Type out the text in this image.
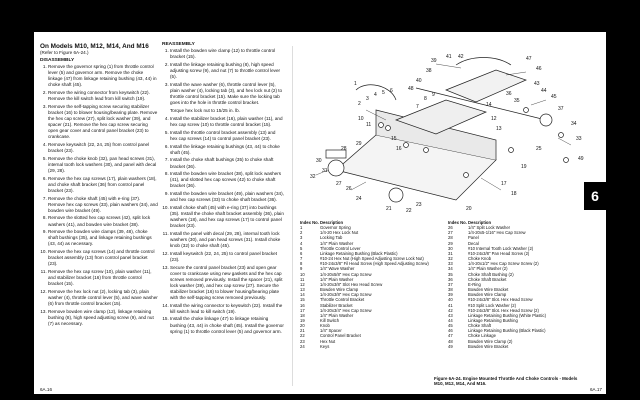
On Models M10, M12, M14, And M16
(Refer to Figure 6A-24.)
DISASSEMBLY
1. Remove the governor spring (1) from throttle control lever (5) and governor arm. Remove the choke linkage (47) from linkage retaining bushing (43, 44) in choke shaft (45).
2. Remove the wiring connector from keyswitch (22). Remove the kill switch lead from kill switch (19).
3. Remove the self-tapping screw securing stabilizer bracket (16) to blower housing/bearing plate. Remove the hex cap screw (27), split lock washer (39), and spacer (21). Remove the hex cap screw securing open gear cover and control panel bracket (23) to crankcase.
4. Remove keyswitch (22, 24, 25) from control panel bracket (23).
5. Remove the choke knob (32), pan head screws (31), internal tooth lock washers (30), and panel with decal (29, 28).
6. Remove the hex cap screws (17), plain washers (18), and choke shaft bracket (36) from control panel bracket (23).
7. Remove the choke shaft (45) with e-ring (37). Remove hex cap screws (33), plain washers (34), and bowden wire bracket (49).
8. Remove the slotted hex cap screws (42), split lock washers (41), and bowden wire bracket (38).
9. Remove the bowden wire clamps (39, 48), choke shaft bushings (35), and linkage retaining bushings (43, 44) as necessary.
10. Remove the hex cap screws (14) and throttle control bracket assembly (13) from control panel bracket (23).
11. Remove the hex cap screw (10), plain washer (11), and stabilizer bracket (16) from throttle control bracket (15).
12. Remove the hex lock nut (2), locking tab (3), plain washer (4), throttle control lever (5), and wave washer (6) from throttle control bracket (15).
13. Remove bowden wire clamp (12), linkage retaining bushing (8), high speed adjusting screw (9), and nut (7) as necessary.
REASSEMBLY
1. Install the bowden wire clamp (12) to throttle control bracket (15).
2. Install the linkage retaining bushing (8), high speed adjusting screw (9), and nut (7) to throttle control lever (5).
3. Install the wave washer (6), throttle control lever (5), plain washer (4), locking tab (3), and hex lock nut (2) to throttle control bracket (15). Make sure the locking tab goes into the hole in throttle control bracket.
Torque hex lock nut to 15/25 in. lb.
4. Install the stabilizer bracket (16), plain washer (11), and hex cap screw (10) to throttle control bracket (15).
5. Install the throttle control bracket assembly (13) and hex cap screws (14) to control panel bracket (23).
6. Install the linkage retaining bushings (43, 44) to choke shaft (45).
7. Install the choke shaft bushings (35) to choke shaft bracket (36).
8. Install the bowden wire bracket (38), split lock washers (41), and slotted hex cap screws (42) to choke shaft bracket (36).
9. Install the bowden wire bracket (49), plain washers (34), and hex cap screws (33) to choke shaft bracket (36).
10. Install choke shaft (45) with e-ring (37) into bushings (35). Install the choke shaft bracket assembly (36), plain washers (18), and hex cap screws (17) to control panel bracket (23).
11. Install the panel with decal (29, 28), internal tooth lock washers (30), and pan head screws (31). Install choke knob (32) to choke shaft (45).
12. Install keyswitch (22, 24, 25) to control panel bracket (23).
13. Secure the control panel bracket (23) and open gear cover to crankcase using new gaskets and the hex cap screws removed previously. Install the spacer (21), split lock washer (39), and hex cap screw (27). Secure the stabilizer bracket (16) to blower housing/bearing plate with the self-tapping screw removed previously.
14. Install the wiring connector to keyswitch (22). Install the kill switch lead to kill switch (19).
15. Install the choke linkage (47) to linkage retaining bushing (43, 44) in choke shaft (45). Install the governor spring (1) to throttle control lever (5) and governor arm.
39
41 42
38
47
46
45
37
40
48
43
44
36
35
34
33
1
49
2
3
4 5 6
10
11
7
8
9
12
13
14
15
16
17
18
19
20
21	22
23
24
25
26
27
28
29
30
31
32
Index No. Description
1	Governor Spring
2	1/4-20 Hex Lock Nut
3	Locking Tab
4	1/4" Plain Washer
5	Throttle Control Lever
6	Linkage Retaining Bushing (Black Plastic)
7	#10-24 Hex Nut (High Speed Adjusting Screw Lock Nut)
8	#10-24x3/8" Fil Head Screw (High Speed Adjusting Screw)
9	1/4" Wave Washer
10	1/4-20x5/8" Hex Cap Screw
11	1/4" Plain Washer
12	1/4-20x3/8" Slot Hex Head Screw
13	Bowden Wire Clamp
14	1/4-20x3/8" Hex Cap Screw
15	Throttle Control Bracket
16	Stabilizer Bracket
17	1/4-20x3/4" Hex Cap Screw
18	1/4" Plain Washer
19	Kill Switch
20	Knob
21	1/4" Spacer
22	Control Panel Bracket
23	Hex Nut
24	Keys
Index No. Description
26	1/4" Split Lock Washer
27	1/4-20x5-1/16" Hex Cap Screw
28	Panel
29	Decal
30	#10 Internal Tooth Lock Washer (2)
31	#10-24x3/8" Pan Head Screw (2)
32	Choke Knob
33	1/4-20x1/2" Hex Cap Screw Screw (2)
34	1/4" Plain Washer (2)
35	Choke Shaft Bushing (2)
36	Choke Shaft Bracket
37	E-Ring
38	Bowden Wire Bracket
39	Bowden Wire Clamp
40	#10-24x3/8" Slot. Hex Head Screw
41	#10 Split Lock Washer (2)
42	#10-24x3/8" Slot. Hex Head Screw (2)
43	Linkage Retaining Bushing (White Plastic)
44	Linkage Retaining Bushing
45	Choke Shaft
46	Linkage Retaining Bushing (Black Plastic)
47	Choke Linkage
48	Bowden Wire Clamp (2)
49	Bowden Wire Bracket
Figure 6A-24. Engine Mounted Throttle And Choke Controls - Models M10, M12, M14, And M16.
6
6A.16	6A.17
